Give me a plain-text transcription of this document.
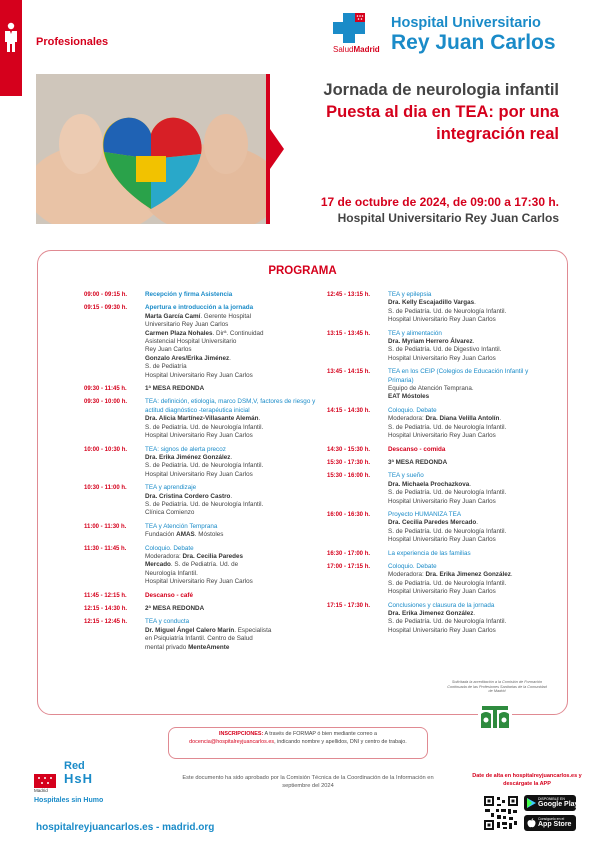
Profesionales
SaludMadrid
Hospital Universitario
Rey Juan Carlos
Jornada de neurologia infantil
Puesta al dia en TEA: por una
integración real
17 de octubre de 2024, de 09:00 a 17:30 h.
Hospital Universitario Rey Juan Carlos
PROGRAMA
09:00 - 09:15 h.	Recepción y firma Asistencia
09:15 - 09:30 h.	Apertura e introducción a la jornada
Marta García Camí. Gerente Hospital
Universitario Rey Juan Carlos
Carmen Plaza Nohales. Dirª. Continuidad
Asistencial Hospital Universitario
Rey Juan Carlos
Gonzalo Ares/Erika Jiménez.
S. de Pediatría
Hospital Universitario Rey Juan Carlos
09:30 - 11:45 h.	1ª MESA REDONDA
09:30 - 10:00 h.	TEA: definición, etiología, marco DSM,V, factores de riesgo y actitud diagnóstico -terapéutica inicial
Dra. Alicia Martínez-Villasante Alemán.
S. de Pediatría. Ud. de Neurología Infantil.
Hospital Universitario Rey Juan Carlos
10:00 - 10:30 h.	TEA: signos de alerta precoz
Dra. Erika Jiménez González.
S. de Pediatría. Ud. de Neurología Infantil.
Hospital Universitario Rey Juan Carlos
10:30 - 11:00 h.	TEA y aprendizaje
Dra. Cristina Cordero Castro.
S. de Pediatría. Ud. de Neurología Infantil.
Clínica Comienzo
11:00 - 11:30 h.	TEA y Atención Temprana
Fundación AMAS. Móstoles
11:30 - 11:45 h.	Coloquio. Debate
Moderadora: Dra. Cecilia Paredes
Mercado. S. de Pediatría. Ud. de
Neurología Infantil.
Hospital Universitario Rey Juan Carlos
11:45 - 12:15 h.	Descanso - café
12:15 - 14:30 h.	2ª MESA REDONDA
12:15 - 12:45 h.	TEA y conducta
Dr. Miguel Ángel Calero Marín. Especialista
en Psiquiatría Infantil. Centro de Salud
mental privado MenteAmente
12:45 - 13:15 h.	TEA y epilepsia
Dra. Kelly Escajadillo Vargas.
S. de Pediatría. Ud. de Neurología Infantil.
Hospital Universitario Rey Juan Carlos
13:15 - 13:45 h.	TEA y alimentación
Dra. Myriam Herrero Álvarez.
S. de Pediatría. Ud. de Digestivo Infantil.
Hospital Universitario Rey Juan Carlos
13:45 - 14:15 h.	TEA en los CEIP (Colegios de Educación Infantil y Primaria)
Equipo de Atención Temprana.
EAT Móstoles
14:15 - 14:30 h.	Coloquio. Debate
Moderadora: Dra. Diana Velilla Antolín.
S. de Pediatría. Ud. de Neurología Infantil.
Hospital Universitario Rey Juan Carlos
14:30 - 15:30 h.	Descanso - comida
15:30 - 17:30 h.	3ª MESA REDONDA
15:30 - 16:00 h.	TEA y sueño
Dra. Michaela Prochazkova.
S. de Pediatría. Ud. de Neurología Infantil.
Hospital Universitario Rey Juan Carlos
16:00 - 16:30 h.	Proyecto HUMANIZA TEA
Dra. Cecilia Paredes Mercado.
S. de Pediatría. Ud. de Neurología Infantil.
Hospital Universitario Rey Juan Carlos
16:30 - 17:00 h.	La experiencia de las familias
17:00 - 17:15 h.	Coloquio. Debate
Moderadora: Dra. Erika Jimenez González.
S. de Pediatría. Ud. de Neurología Infantil.
Hospital Universitario Rey Juan Carlos
17:15 - 17:30 h.	Conclusiones y clausura de la jornada
Dra. Erika Jimenez González.
S. de Pediatría. Ud. de Neurología Infantil.
Hospital Universitario Rey Juan Carlos
Solicitada la acreditación a la Comisión de Formación Continuada de las Profesiones Sanitarias de la Comunidad de Madrid
INSCRIPCIONES: A través de FORMAP ó bien mediante correo a
docencia@hospitalreyjuancarlos.es, indicando nombre y apellidos, DNI y centro de trabajo.
Red
HsH
Madrid
Hospitales sin Humo
Este documento ha sido aprobado por la Comisión Técnica de la Coordinación de la Información en septiembre del 2024
Date de alta en hospitalreyjuancarlos.es y descárgate la APP
DISPONIBLE EN
Google Play
Consíguelo en el
App Store
hospitalreyjuancarlos.es - madrid.org
